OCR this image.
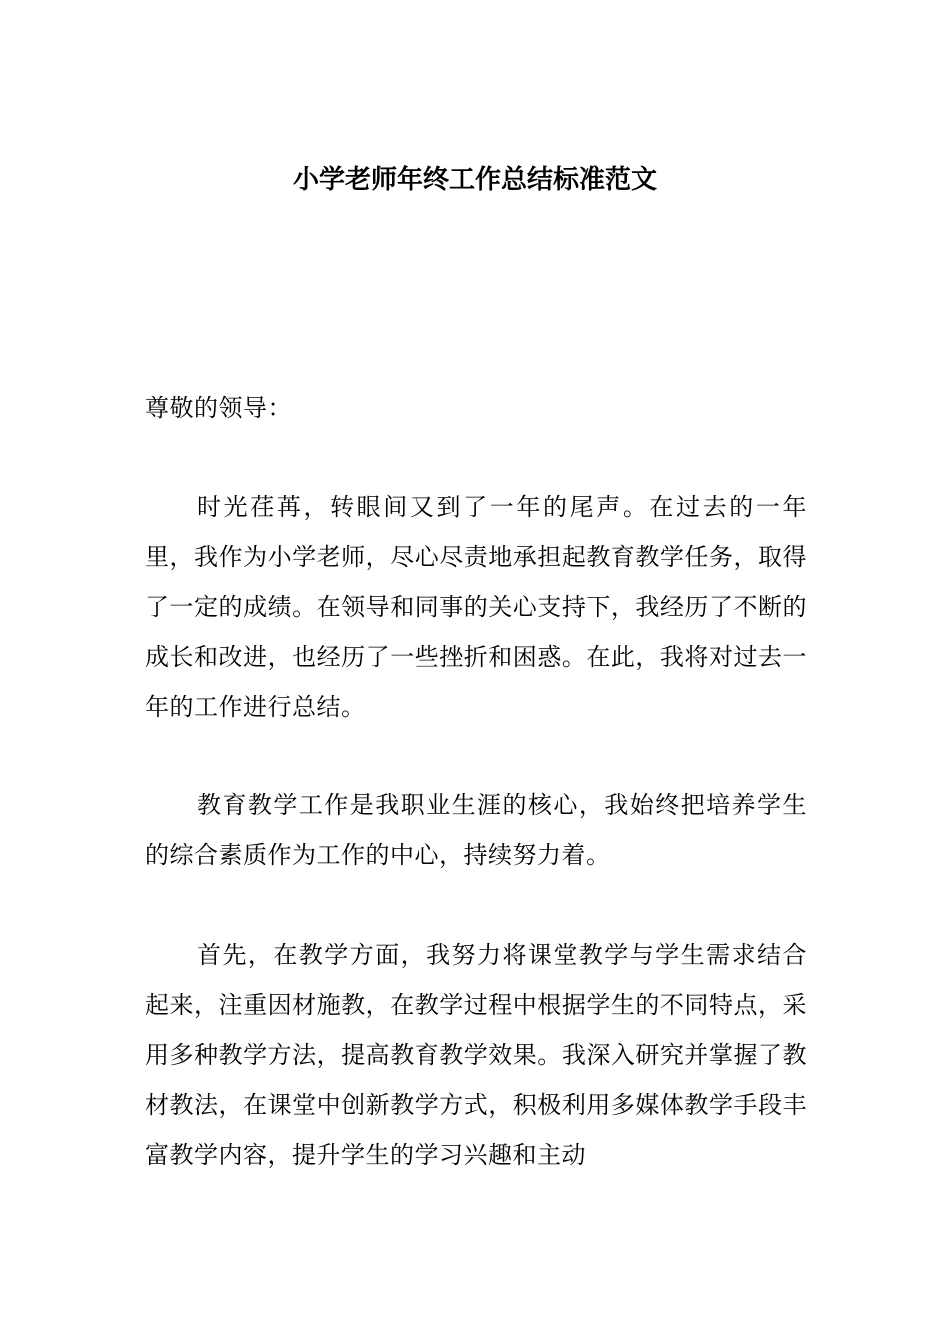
小学老师年终工作总结标准范文

尊敬的领导：

时光荏苒，转眼间又到了一年的尾声。在过去的一年里，我作为小学老师，尽心尽责地承担起教育教学任务，取得了一定的成绩。在领导和同事的关心支持下，我经历了不断的成长和改进，也经历了一些挫折和困惑。在此，我将对过去一年的工作进行总结。

教育教学工作是我职业生涯的核心，我始终把培养学生的综合素质作为工作的中心，持续努力着。

首先，在教学方面，我努力将课堂教学与学生需求结合起来，注重因材施教，在教学过程中根据学生的不同特点，采用多种教学方法，提高教育教学效果。我深入研究并掌握了教材教法，在课堂中创新教学方式，积极利用多媒体教学手段丰富教学内容，提升学生的学习兴趣和主动
